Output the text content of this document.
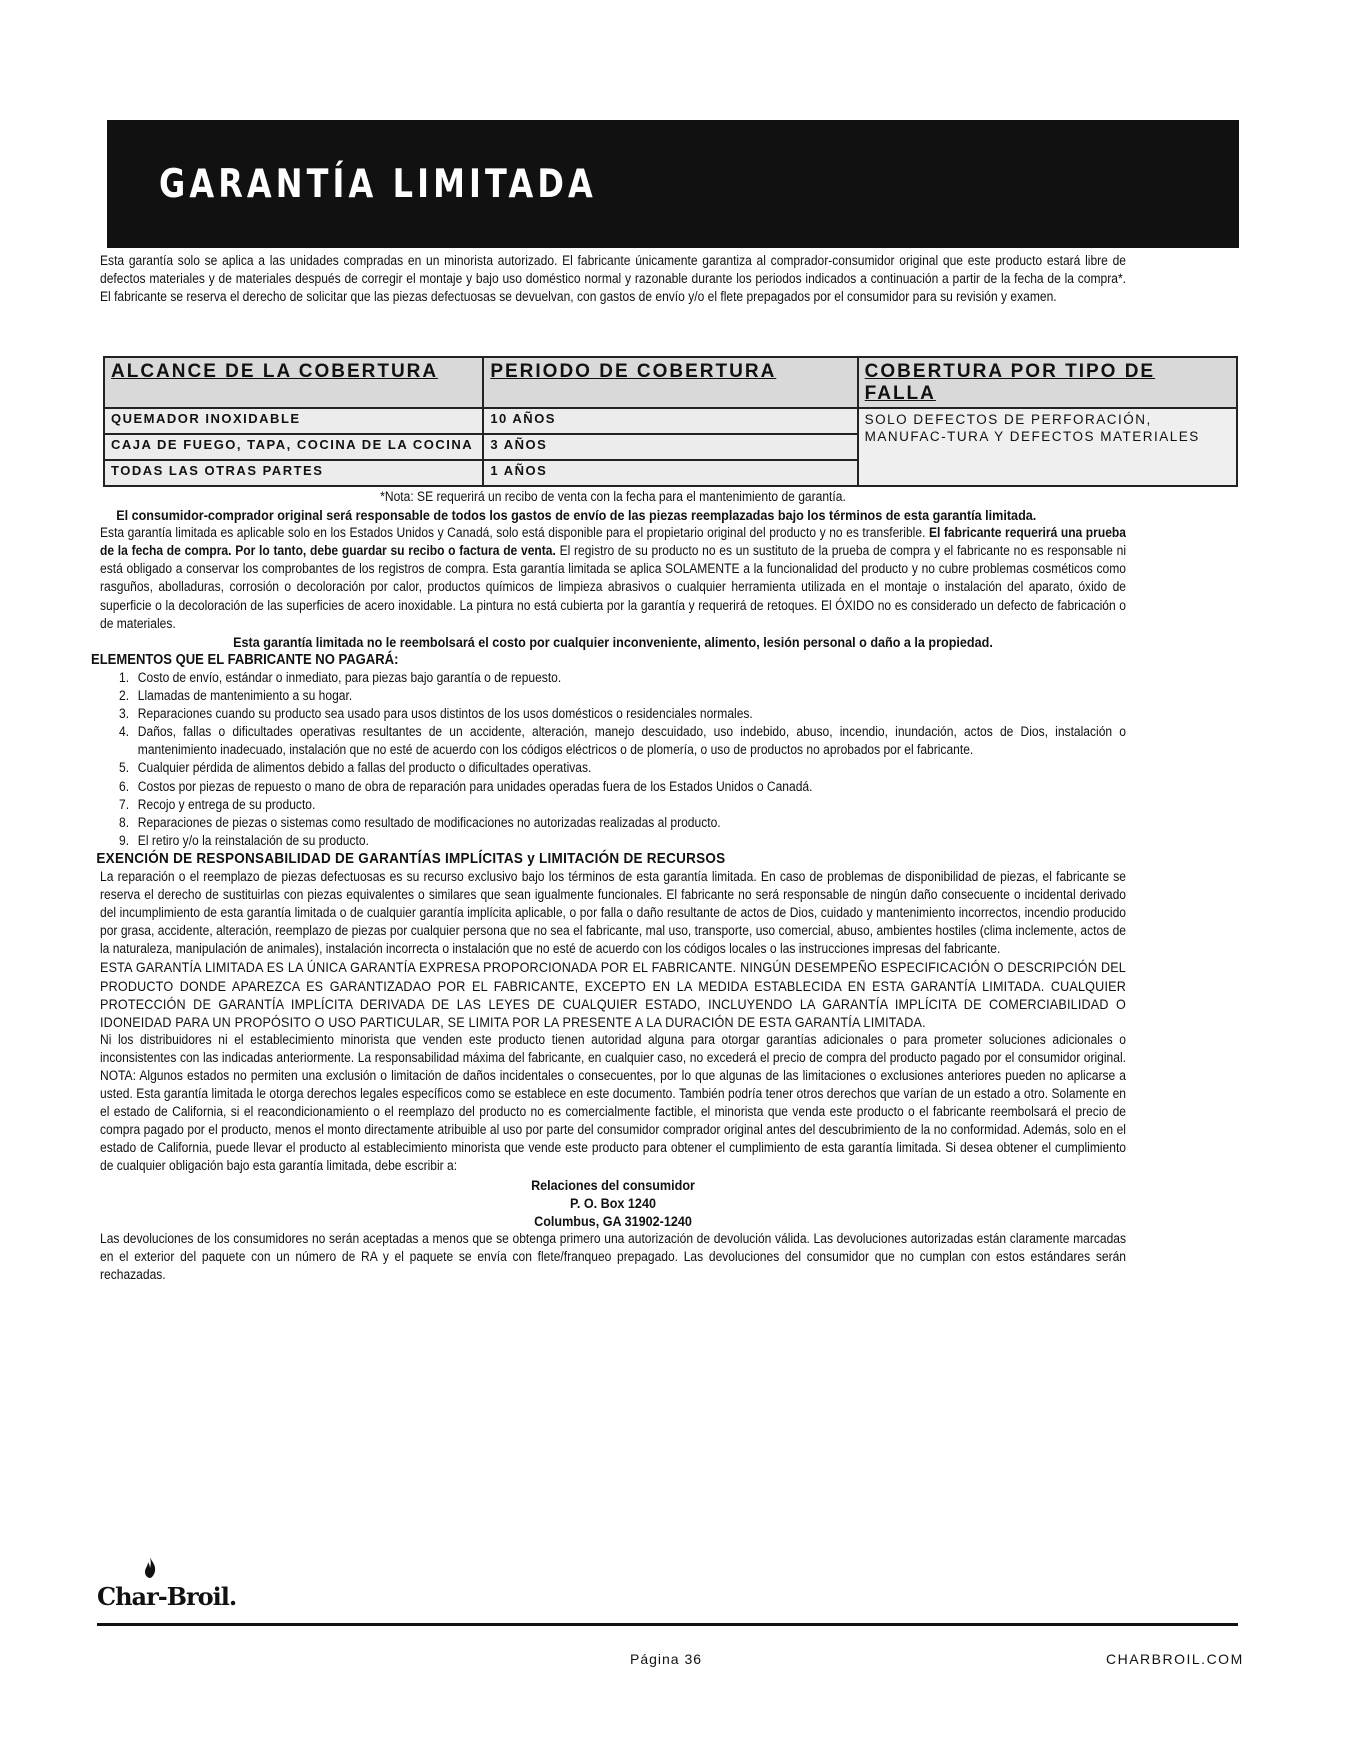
GARANTÍA LIMITADA

Esta garantía solo se aplica a las unidades compradas en un minorista autorizado. El fabricante únicamente garantiza al comprador-consumidor original que este producto estará libre de defectos materiales y de materiales después de corregir el montaje y bajo uso doméstico normal y razonable durante los periodos indicados a continuación a partir de la fecha de la compra*. El fabricante se reserva el derecho de solicitar que las piezas defectuosas se devuelvan, con gastos de envío y/o el flete prepagados por el consumidor para su revisión y examen.

ALCANCE DE LA COBERTURA	PERIODO DE COBERTURA	COBERTURA POR TIPO DE FALLA
QUEMADOR INOXIDABLE	10 AÑOS	SOLO DEFECTOS DE PERFORACIÓN, MANUFAC-TURA Y DEFECTOS MATERIALES
CAJA DE FUEGO, TAPA, COCINA DE LA COCINA	3 AÑOS	
TODAS LAS OTRAS PARTES	1 AÑOS	

*Nota: SE requerirá un recibo de venta con la fecha para el mantenimiento de garantía.

El consumidor-comprador original será responsable de todos los gastos de envío de las piezas reemplazadas bajo los términos de esta garantía limitada.

Esta garantía limitada es aplicable solo en los Estados Unidos y Canadá, solo está disponible para el propietario original del producto y no es transferible. El fabricante requerirá una prueba de la fecha de compra. Por lo tanto, debe guardar su recibo o factura de venta. El registro de su producto no es un sustituto de la prueba de compra y el fabricante no es responsable ni está obligado a conservar los comprobantes de los registros de compra. Esta garantía limitada se aplica SOLAMENTE a la funcionalidad del producto y no cubre problemas cosméticos como rasguños, abolladuras, corrosión o decoloración por calor, productos químicos de limpieza abrasivos o cualquier herramienta utilizada en el montaje o instalación del aparato, óxido de superficie o la decoloración de las superficies de acero inoxidable. La pintura no está cubierta por la garantía y requerirá de retoques. El ÓXIDO no es considerado un defecto de fabricación o de materiales.

Esta garantía limitada no le reembolsará el costo por cualquier inconveniente, alimento, lesión personal o daño a la propiedad.

ELEMENTOS QUE EL FABRICANTE NO PAGARÁ:

1. Costo de envío, estándar o inmediato, para piezas bajo garantía o de repuesto.
2. Llamadas de mantenimiento a su hogar.
3. Reparaciones cuando su producto sea usado para usos distintos de los usos domésticos o residenciales normales.
4. Daños, fallas o dificultades operativas resultantes de un accidente, alteración, manejo descuidado, uso indebido, abuso, incendio, inundación, actos de Dios, instalación o mantenimiento inadecuado, instalación que no esté de acuerdo con los códigos eléctricos o de plomería, o uso de productos no aprobados por el fabricante.
5. Cualquier pérdida de alimentos debido a fallas del producto o dificultades operativas.
6. Costos por piezas de repuesto o mano de obra de reparación para unidades operadas fuera de los Estados Unidos o Canadá.
7. Recojo y entrega de su producto.
8. Reparaciones de piezas o sistemas como resultado de modificaciones no autorizadas realizadas al producto.
9. El retiro y/o la reinstalación de su producto.

EXENCIÓN DE RESPONSABILIDAD DE GARANTÍAS IMPLÍCITAS y LIMITACIÓN DE RECURSOS

La reparación o el reemplazo de piezas defectuosas es su recurso exclusivo bajo los términos de esta garantía limitada. En caso de problemas de disponibilidad de piezas, el fabricante se reserva el derecho de sustituirlas con piezas equivalentes o similares que sean igualmente funcionales. El fabricante no será responsable de ningún daño consecuente o incidental derivado del incumplimiento de esta garantía limitada o de cualquier garantía implícita aplicable, o por falla o daño resultante de actos de Dios, cuidado y mantenimiento incorrectos, incendio producido por grasa, accidente, alteración, reemplazo de piezas por cualquier persona que no sea el fabricante, mal uso, transporte, uso comercial, abuso, ambientes hostiles (clima inclemente, actos de la naturaleza, manipulación de animales), instalación incorrecta o instalación que no esté de acuerdo con los códigos locales o las instrucciones impresas del fabricante.

ESTA GARANTÍA LIMITADA ES LA ÚNICA GARANTÍA EXPRESA PROPORCIONADA POR EL FABRICANTE. NINGÚN DESEMPEÑO ESPECIFICACIÓN O DESCRIPCIÓN DEL PRODUCTO DONDE APAREZCA ES GARANTIZADAO POR EL FABRICANTE, EXCEPTO EN LA MEDIDA ESTABLECIDA EN ESTA GARANTÍA LIMITADA. CUALQUIER PROTECCIÓN DE GARANTÍA IMPLÍCITA DERIVADA DE LAS LEYES DE CUALQUIER ESTADO, INCLUYENDO LA GARANTÍA IMPLÍCITA DE COMERCIABILIDAD O IDONEIDAD PARA UN PROPÓSITO O USO PARTICULAR, SE LIMITA POR LA PRESENTE A LA DURACIÓN DE ESTA GARANTÍA LIMITADA.

Ni los distribuidores ni el establecimiento minorista que venden este producto tienen autoridad alguna para otorgar garantías adicionales o para prometer soluciones adicionales o inconsistentes con las indicadas anteriormente. La responsabilidad máxima del fabricante, en cualquier caso, no excederá el precio de compra del producto pagado por el consumidor original. NOTA: Algunos estados no permiten una exclusión o limitación de daños incidentales o consecuentes, por lo que algunas de las limitaciones o exclusiones anteriores pueden no aplicarse a usted. Esta garantía limitada le otorga derechos legales específicos como se establece en este documento. También podría tener otros derechos que varían de un estado a otro. Solamente en el estado de California, si el reacondicionamiento o el reemplazo del producto no es comercialmente factible, el minorista que venda este producto o el fabricante reembolsará el precio de compra pagado por el producto, menos el monto directamente atribuible al uso por parte del consumidor comprador original antes del descubrimiento de la no conformidad. Además, solo en el estado de California, puede llevar el producto al establecimiento minorista que vende este producto para obtener el cumplimiento de esta garantía limitada. Si desea obtener el cumplimiento de cualquier obligación bajo esta garantía limitada, debe escribir a:

Relaciones del consumidor

P. O. Box 1240

Columbus, GA 31902-1240

Las devoluciones de los consumidores no serán aceptadas a menos que se obtenga primero una autorización de devolución válida. Las devoluciones autorizadas están claramente marcadas en el exterior del paquete con un número de RA y el paquete se envía con flete/franqueo prepagado. Las devoluciones del consumidor que no cumplan con estos estándares serán rechazadas.

Char-Broil.
Página 36	CHARBROIL.COM
